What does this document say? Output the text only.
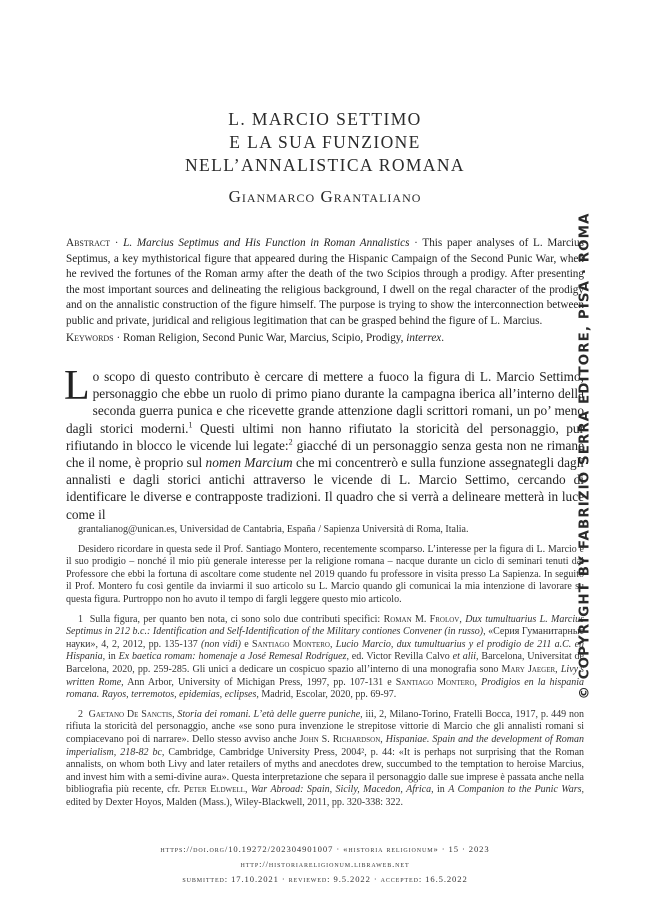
L. MARCIO SETTIMO
E LA SUA FUNZIONE
NELL’ANNALISTICA ROMANA
Gianmarco Grantaliano
Abstract · L. Marcius Septimus and His Function in Roman Annalistics · This paper analyses of L. Marcius Septimus, a key mythistorical figure that appeared during the Hispanic Campaign of the Second Punic War, when he revived the fortunes of the Roman army after the death of the two Scipios through a prodigy. After presenting the most important sources and delineating the religious background, I dwell on the regal character of the prodigy and on the annalistic construction of the figure himself. The purpose is trying to show the interconnection between public and private, juridical and religious legitimation that can be grasped behind the figure of L. Marcius.
Keywords · Roman Religion, Second Punic War, Marcius, Scipio, Prodigy, interrex.
Lo scopo di questo contributo è cercare di mettere a fuoco la figura di L. Marcio Settimo, personaggio che ebbe un ruolo di primo piano durante la campagna iberica all’interno della seconda guerra punica e che ricevette grande attenzione dagli scrittori romani, un po’ meno dagli storici moderni.$^1$ Questi ultimi non hanno rifiutato la storicità del personaggio, pur rifiutando in blocco le vicende lui legate:$^2$ giacché di un personaggio senza gesta non ne rimane che il nome, è proprio sul nomen Marcium che mi concentrerò e sulla funzione assegnategli dagli annalisti e dagli storici antichi attraverso le vicende di L. Marcio Settimo, cercando di identificare le diverse e contrapposte tradizioni. Il quadro che si verrà a delineare metterà in luce come il

grantalianog@unican.es, Universidad de Cantabria, España / Sapienza Università di Roma, Italia.

Desidero ricordare in questa sede il Prof. Santiago Montero, recentemente scomparso. L’interesse per la figura di L. Marcio e il suo prodigio – nonché il mio più generale interesse per la religione romana – nacque durante un ciclo di seminari tenuti dal Professore che ebbi la fortuna di ascoltare come studente nel 2019 quando fu professore in visita presso La Sapienza. In seguito il Prof. Montero fu così gentile da inviarmi il suo articolo su L. Marcio quando gli comunicai la mia intenzione di lavorare su questa figura. Purtroppo non ho avuto il tempo di fargli leggere questo mio articolo.

1 Sulla figura, per quanto ben nota, ci sono solo due contributi specifici: Roman M. Frolov, Dux tumultuarius L. Marcius Septimus in 212 b.c.: Identification and Self-Identification of the Military contiones Convener (in russo), «Серия Гуманитарные науки», 4, 2, 2012, pp. 135-137 (non vidi) e Santiago Montero, Lucio Marcio, dux tumultuarius y el prodigio de 211 a.C. en Hispania, in Ex baetica romam: homenaje a José Remesal Rodríguez, ed. Victor Revilla Calvo et alii, Barcelona, Universitat de Barcelona, 2020, pp. 259-285. Gli unici a dedicare un cospicuo spazio all’interno di una monografia sono Mary Jaeger, Livy’s written Rome, Ann Arbor, University of Michigan Press, 1997, pp. 107-131 e Santiago Montero, Prodigios en la hispania romana. Rayos, terremotos, epidemias, eclipses, Madrid, Escolar, 2020, pp. 69-97.

2 Gaetano De Sanctis, Storia dei romani. L’età delle guerre puniche, iii, 2, Milano-Torino, Fratelli Bocca, 1917, p. 449 non rifiuta la storicità del personaggio, anche «se sono pura invenzione le strepitose vittorie di Marcio che gli annalisti romani si compiacevano poi di narrare». Dello stesso avviso anche John S. Richardson, Hispaniae. Spain and the development of Roman imperialism, 218-82 bc, Cambridge, Cambridge University Press, 2004², p. 44: «It is perhaps not surprising that the Roman annalists, on whom both Livy and later retailers of myths and anecdotes drew, succumbed to the temptation to heroise Marcius, and invest him with a semi-divine aura». Questa interpretazione che separa il personaggio dalle sue imprese è passata anche nella bibliografia più recente, cfr. Peter Eldwell, War Abroad: Spain, Sicily, Macedon, Africa, in A Companion to the Punic Wars, edited by Dexter Hoyos, Malden (Mass.), Wiley-Blackwell, 2011, pp. 320-338: 322.

https://doi.org/10.19272/202304901007 · «historia religionum» · 15 · 2023
http://historiareligionum.libraweb.net
submitted: 17.10.2021 · reviewed: 9.5.2022 · accepted: 16.5.2022
© COPYRIGHT BY FABRIZIO SERRA EDITORE, PISA · ROMA
